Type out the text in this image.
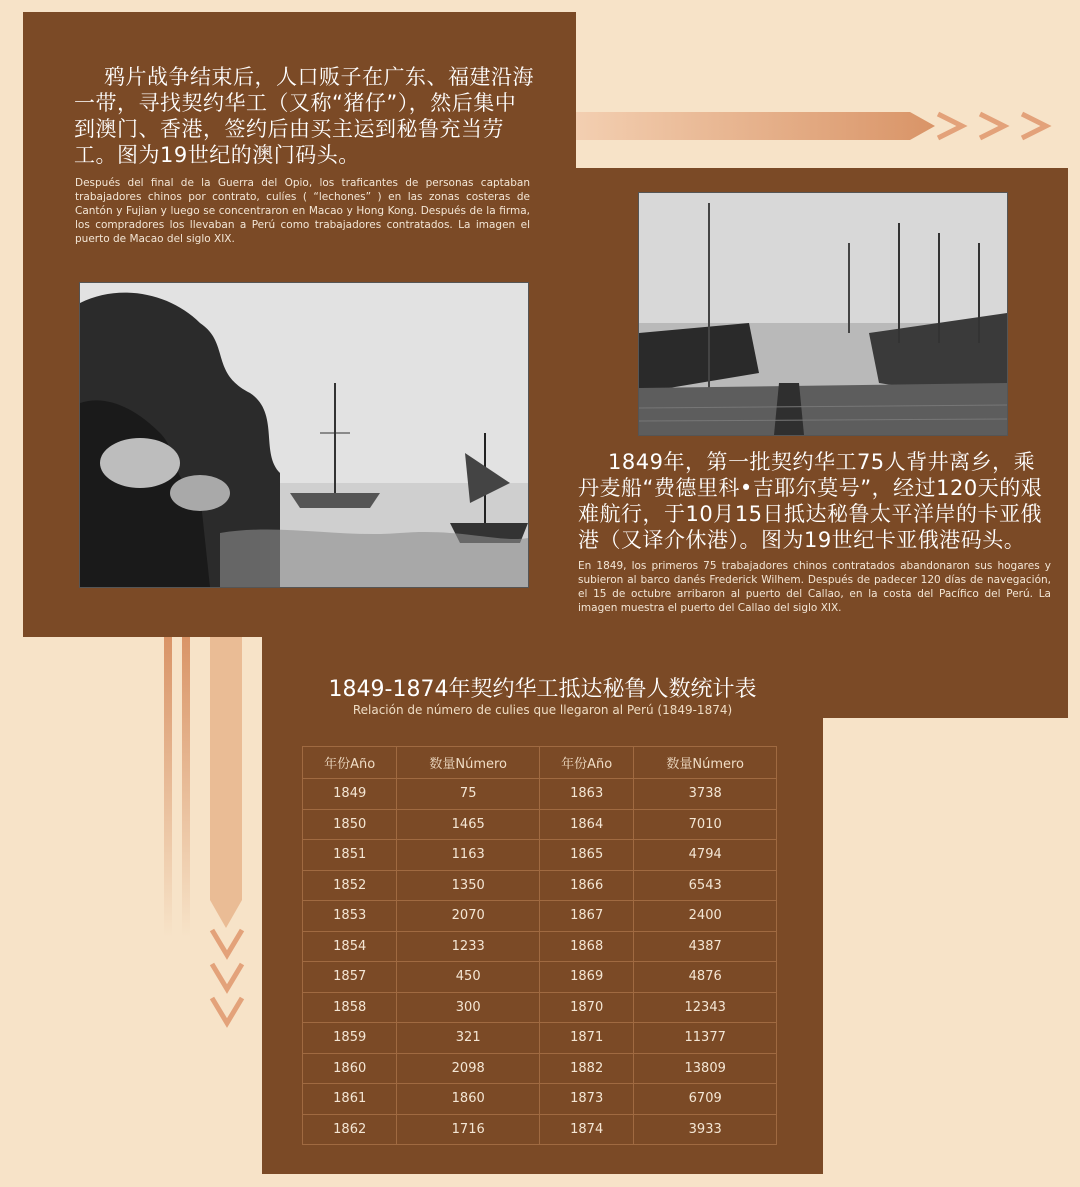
鸦片战争结束后，人口贩子在广东、福建沿海一带，寻找契约华工（又称“猪仔”），然后集中到澳门、香港，签约后由买主运到秘鲁充当劳工。图为19世纪的澳门码头。
Después del final de la Guerra del Opio, los traficantes de personas captaban trabajadores chinos por contrato, culíes ( “lechones” ) en las zonas costeras de Cantón y Fujian y luego se concentraron en Macao y Hong Kong. Después de la firma, los compradores los llevaban a Perú como trabajadores contratados. La imagen el puerto de Macao del siglo XIX.
1849年，第一批契约华工75人背井离乡，乘丹麦船“费德里科•吉耶尔莫号”，经过120天的艰难航行，于10月15日抵达秘鲁太平洋岸的卡亚俄港（又译介休港）。图为19世纪卡亚俄港码头。
En 1849, los primeros 75 trabajadores chinos contratados abandonaron sus hogares y subieron al barco danés Frederick Wilhem. Después de padecer 120 días de navegación, el 15 de octubre arribaron al puerto del Callao, en la costa del Pacífico del Perú. La imagen muestra el puerto del Callao del siglo XIX.
1849-1874年契约华工抵达秘鲁人数统计表
Relación de número de culies que llegaron al Perú (1849-1874)
年份Año	数量Número	年份Año	数量Número
1849	75	1863	3738
1850	1465	1864	7010
1851	1163	1865	4794
1852	1350	1866	6543
1853	2070	1867	2400
1854	1233	1868	4387
1857	450	1869	4876
1858	300	1870	12343
1859	321	1871	11377
1860	2098	1882	13809
1861	1860	1873	6709
1862	1716	1874	3933
